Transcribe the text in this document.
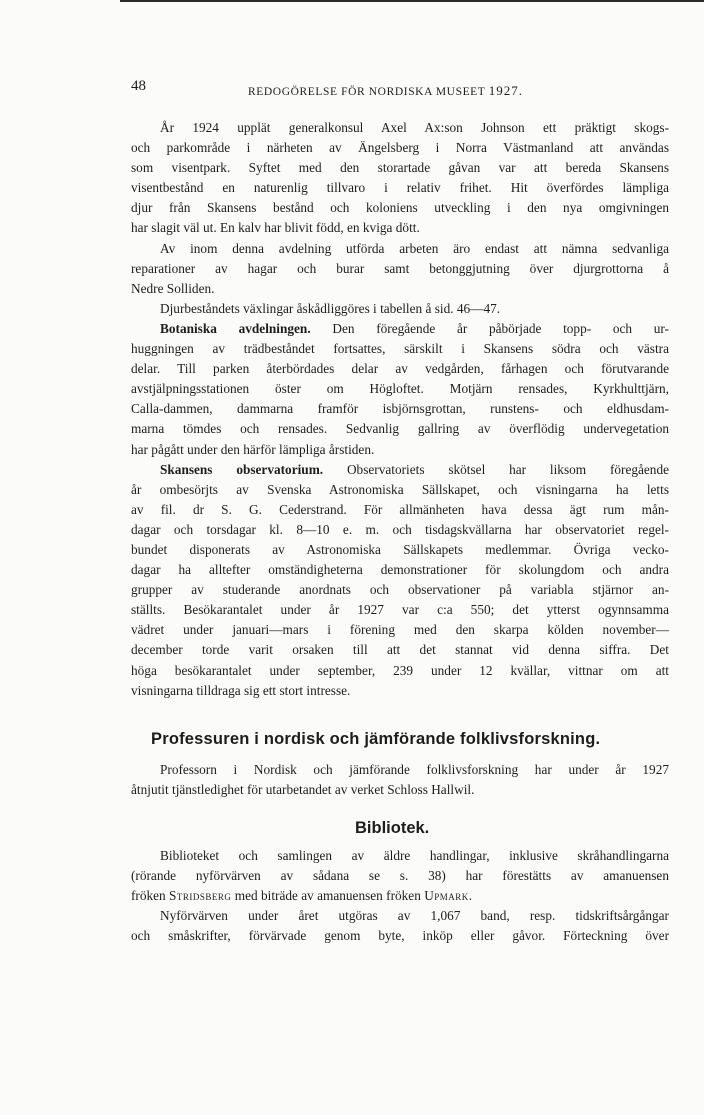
48	REDOGÖRELSE FÖR NORDISKA MUSEET 1927.
År 1924 upplät generalkonsul Axel Ax:son Johnson ett präktigt skogs-
och parkområde i närheten av Ängelsberg i Norra Västmanland att användas
som visentpark. Syftet med den storartade gåvan var att bereda Skansens
visentbestånd en naturenlig tillvaro i relativ frihet. Hit överfördes lämpliga
djur från Skansens bestånd och koloniens utveckling i den nya omgivningen
har slagit väl ut. En kalv har blivit född, en kviga dött.
Av inom denna avdelning utförda arbeten äro endast att nämna sedvanliga
reparationer av hagar och burar samt betonggjutning över djurgrottorna å
Nedre Solliden.
Djurbeståndets växlingar åskådliggöres i tabellen å sid. 46—47.
Botaniska avdelningen. Den föregående år påbörjade topp- och ur-
huggningen av trädbeståndet fortsattes, särskilt i Skansens södra och västra
delar. Till parken återbördades delar av vedgården, fårhagen och förutvarande
avstjälpningsstationen öster om Högloftet. Motjärn rensades, Kyrkhulttjärn,
Calla-dammen, dammarna framför isbjörnsgrottan, runstens- och eldhusdam-
marna tömdes och rensades. Sedvanlig gallring av överflödig undervegetation
har pågått under den härför lämpliga årstiden.
Skansens observatorium. Observatoriets skötsel har liksom föregående
år ombesörjts av Svenska Astronomiska Sällskapet, och visningarna ha letts
av fil. dr S. G. Cederstrand. För allmänheten hava dessa ägt rum mån-
dagar och torsdagar kl. 8—10 e. m. och tisdagskvällarna har observatoriet regel-
bundet disponerats av Astronomiska Sällskapets medlemmar. Övriga vecko-
dagar ha alltefter omständigheterna demonstrationer för skolungdom och andra
grupper av studerande anordnats och observationer på variabla stjärnor an-
ställts. Besökarantalet under år 1927 var c:a 550; det ytterst ogynnsamma
vädret under januari—mars i förening med den skarpa kölden november—
december torde varit orsaken till att det stannat vid denna siffra. Det
höga besökarantalet under september, 239 under 12 kvällar, vittnar om att
visningarna tilldraga sig ett stort intresse.
Professuren i nordisk och jämförande folklivsforskning.
Professorn i Nordisk och jämförande folklivsforskning har under år 1927
åtnjutit tjänstledighet för utarbetandet av verket Schloss Hallwil.
Bibliotek.
Biblioteket och samlingen av äldre handlingar, inklusive skråhandlingarna
(rörande nyförvärven av sådana se s. 38) har förestätts av amanuensen
fröken Stridsberg med biträde av amanuensen fröken Upmark.
Nyförvärven under året utgöras av 1,067 band, resp. tidskriftsårgångar
och småskrifter, förvärvade genom byte, inköp eller gåvor. Förteckning över
